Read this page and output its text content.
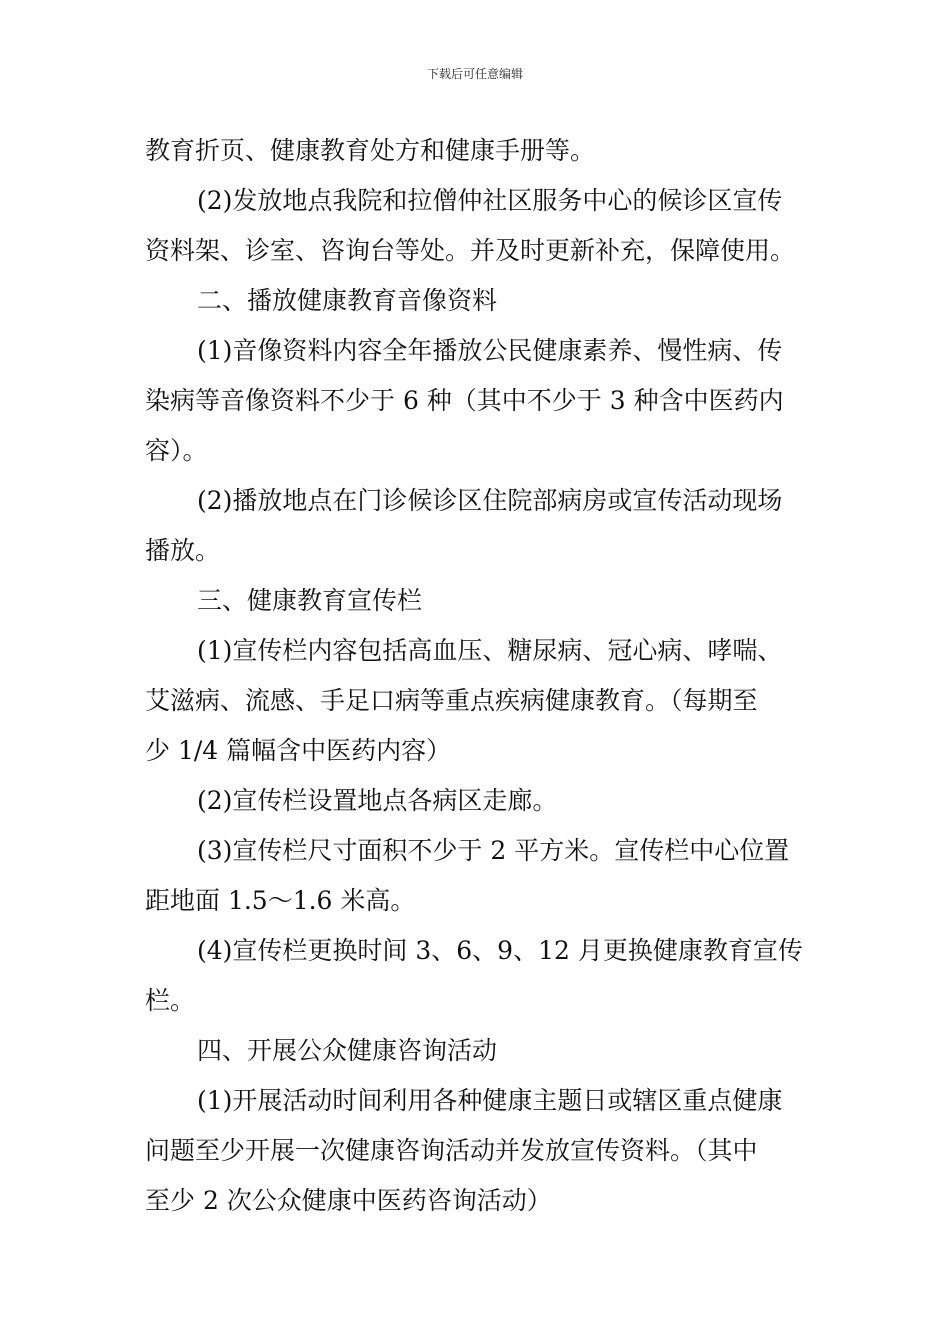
下载后可任意编辑
教育折页、健康教育处方和健康手册等。
(2)发放地点我院和拉僧仲社区服务中心的候诊区宣传
资料架、诊室、咨询台等处。并及时更新补充，保障使用。
二、播放健康教育音像资料
(1)音像资料内容全年播放公民健康素养、慢性病、传
染病等音像资料不少于 6 种（其中不少于 3 种含中医药内
容）。
(2)播放地点在门诊候诊区住院部病房或宣传活动现场
播放。
三、健康教育宣传栏
(1)宣传栏内容包括高血压、糖尿病、冠心病、哮喘、
艾滋病、流感、手足口病等重点疾病健康教育。（每期至
少 1/4 篇幅含中医药内容）
(2)宣传栏设置地点各病区走廊。
(3)宣传栏尺寸面积不少于 2 平方米。宣传栏中心位置
距地面 1.5～1.6 米高。
(4)宣传栏更换时间 3、6、9、12 月更换健康教育宣传
栏。
四、开展公众健康咨询活动
(1)开展活动时间利用各种健康主题日或辖区重点健康
问题至少开展一次健康咨询活动并发放宣传资料。（其中
至少 2 次公众健康中医药咨询活动）
